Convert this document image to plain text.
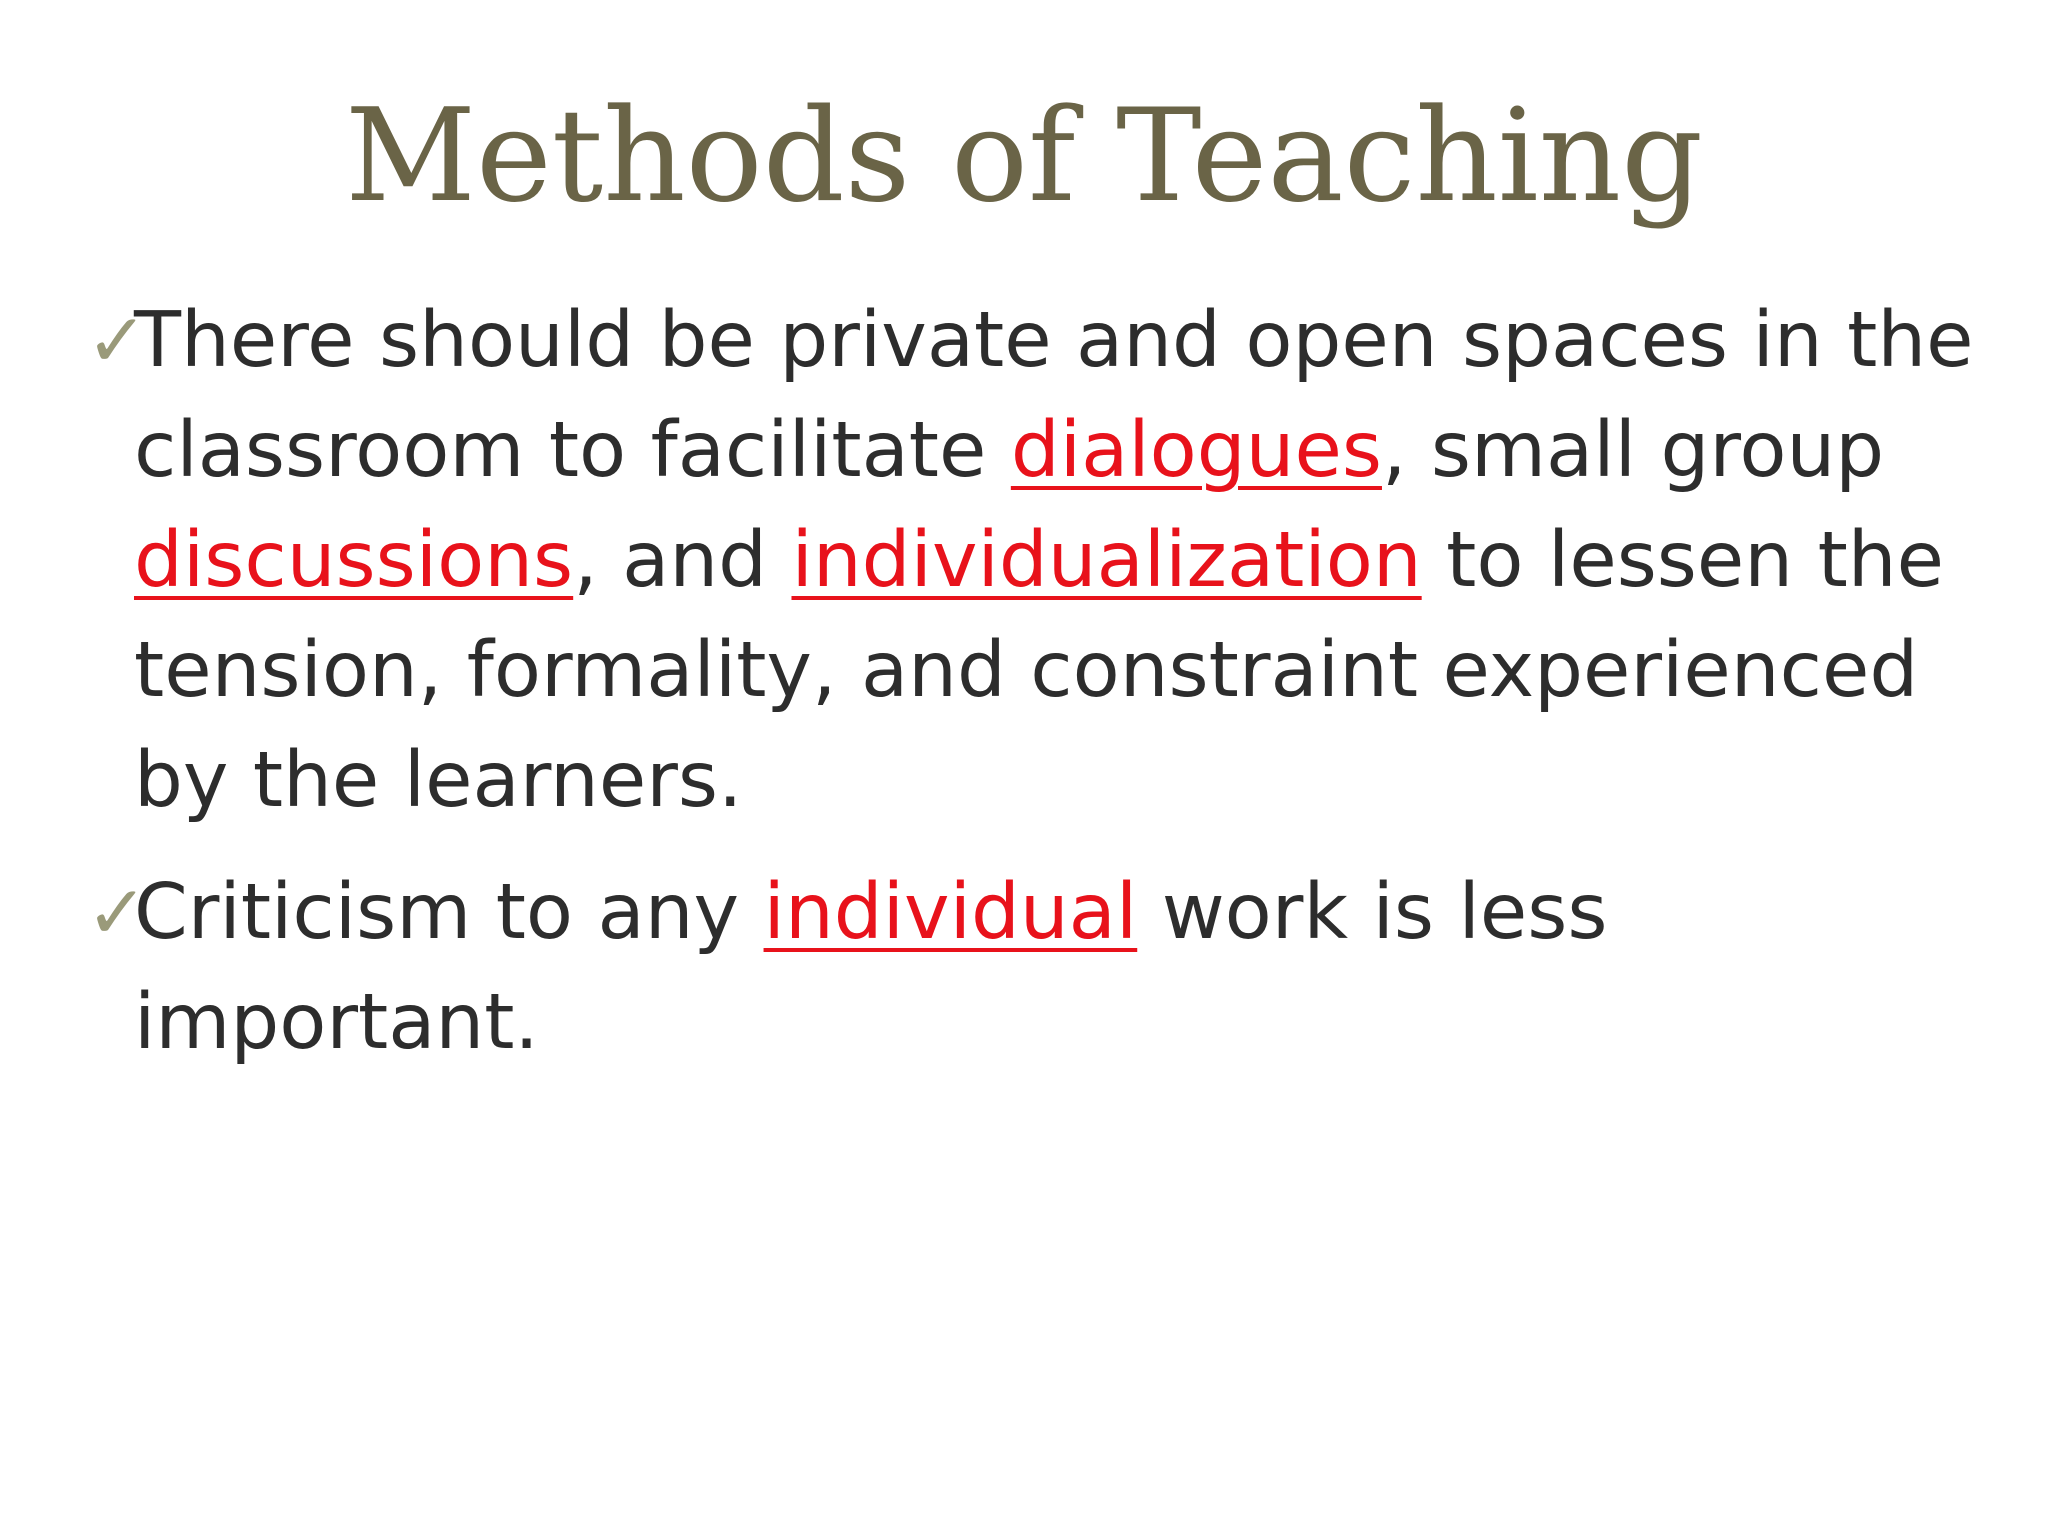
Methods of Teaching
✓
There should be private and open spaces in the classroom to facilitate dialogues, small group discussions, and individualization to lessen the tension, formality, and constraint experienced by the learners.
✓
Criticism to any individual work is less important.
